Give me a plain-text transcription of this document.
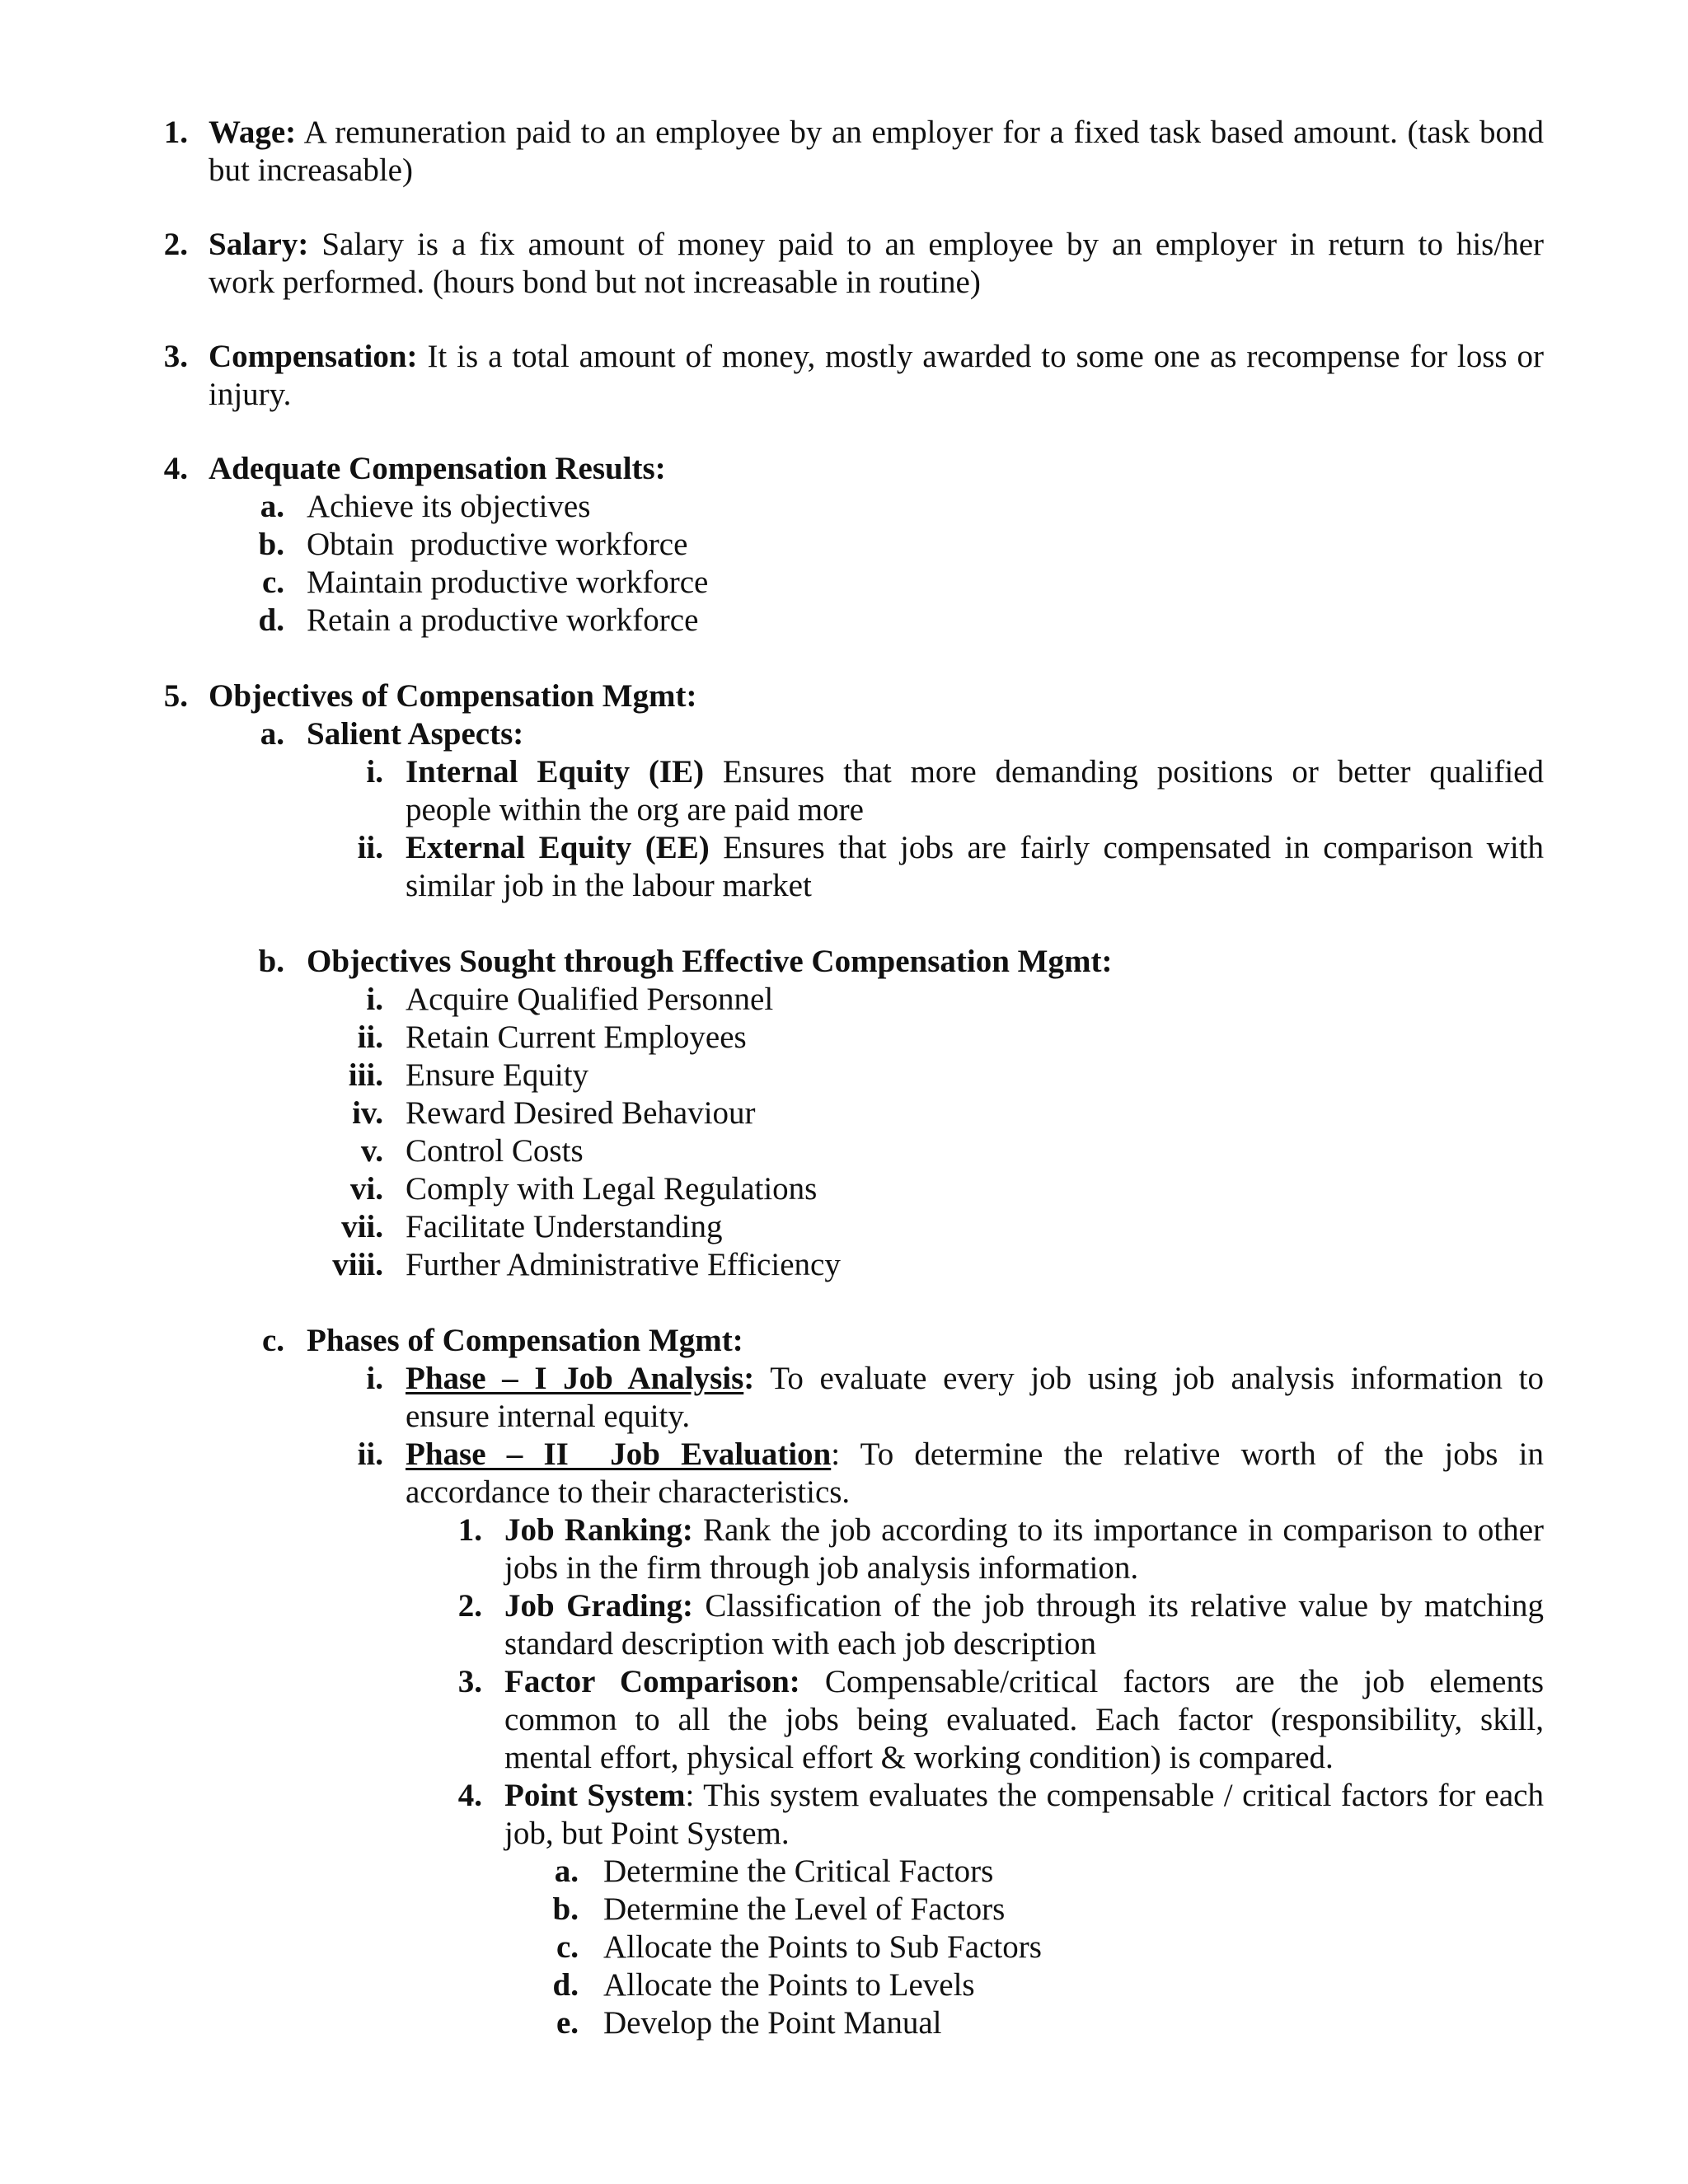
1. Wage: A remuneration paid to an employee by an employer for a fixed task based amount. (task bond
but increasable)
2. Salary: Salary is a fix amount of money paid to an employee by an employer in return to his/her
work performed. (hours bond but not increasable in routine)
3. Compensation: It is a total amount of money, mostly awarded to some one as recompense for loss or
injury.
4. Adequate Compensation Results:
a. Achieve its objectives
b. Obtain  productive workforce
c. Maintain productive workforce
d. Retain a productive workforce
5. Objectives of Compensation Mgmt:
a. Salient Aspects:
i. Internal Equity (IE) Ensures that more demanding positions or better qualified
people within the org are paid more
ii. External Equity (EE) Ensures that jobs are fairly compensated in comparison with
similar job in the labour market
b. Objectives Sought through Effective Compensation Mgmt:
i. Acquire Qualified Personnel
ii. Retain Current Employees
iii. Ensure Equity
iv. Reward Desired Behaviour
v. Control Costs
vi. Comply with Legal Regulations
vii. Facilitate Understanding
viii. Further Administrative Efficiency
c. Phases of Compensation Mgmt:
i. Phase – I Job Analysis: To evaluate every job using job analysis information to
ensure internal equity.
ii. Phase – II  Job Evaluation: To determine the relative worth of the jobs in
accordance to their characteristics.
1. Job Ranking: Rank the job according to its importance in comparison to other
jobs in the firm through job analysis information.
2. Job Grading: Classification of the job through its relative value by matching
standard description with each job description
3. Factor Comparison: Compensable/critical factors are the job elements
common to all the jobs being evaluated. Each factor (responsibility, skill,
mental effort, physical effort & working condition) is compared.
4. Point System: This system evaluates the compensable / critical factors for each
job, but Point System.
a. Determine the Critical Factors
b. Determine the Level of Factors
c. Allocate the Points to Sub Factors
d. Allocate the Points to Levels
e. Develop the Point Manual
